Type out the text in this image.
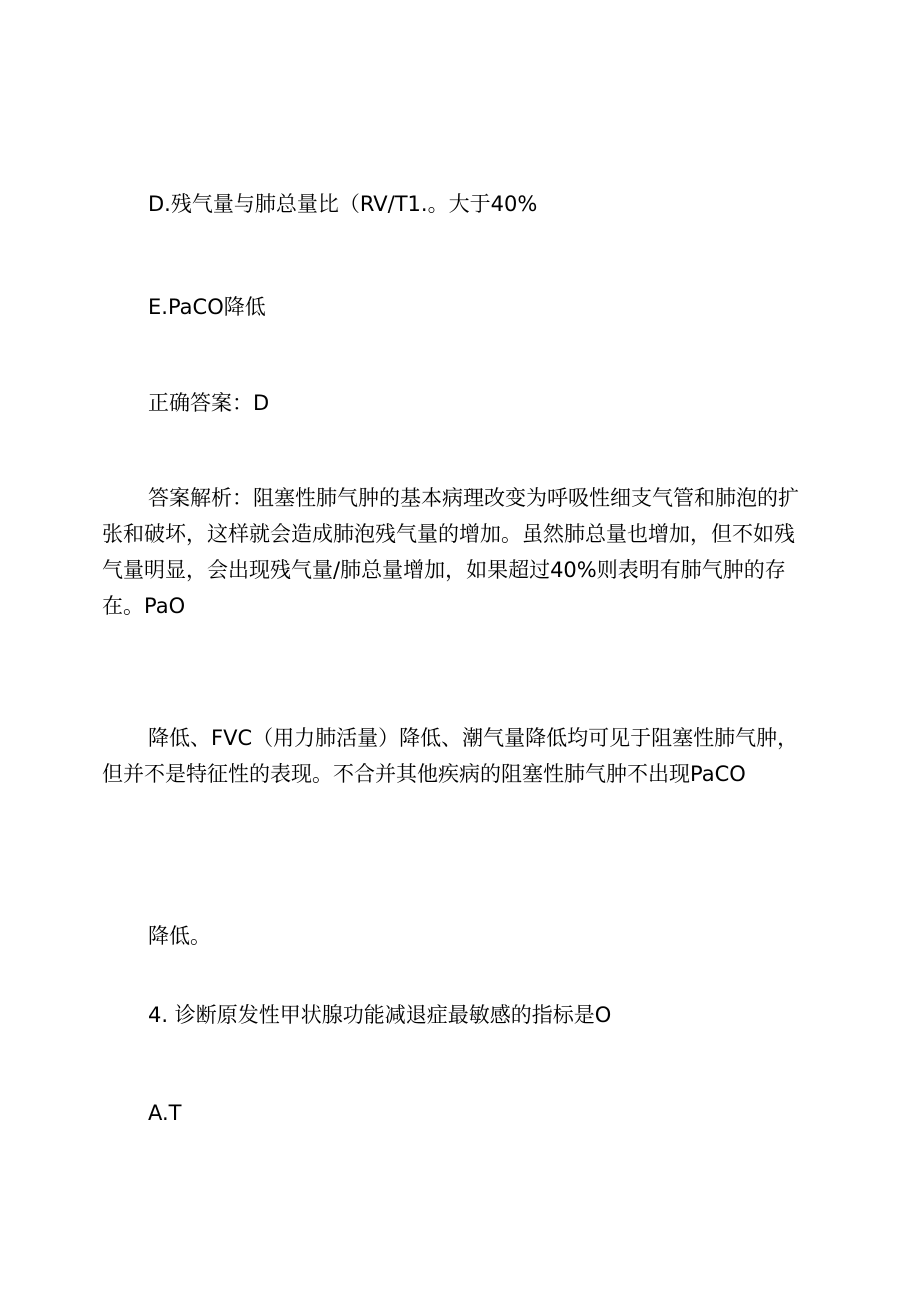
D.残气量与肺总量比（RV/T1.。大于40%
E.PaCO降低
正确答案：D
答案解析：阻塞性肺气肿的基本病理改变为呼吸性细支气管和肺泡的扩张和破坏，这样就会造成肺泡残气量的增加。虽然肺总量也增加，但不如残气量明显，会出现残气量/肺总量增加，如果超过40%则表明有肺气肿的存在。PaO
降低、FVC（用力肺活量）降低、潮气量降低均可见于阻塞性肺气肿，但并不是特征性的表现。不合并其他疾病的阻塞性肺气肿不出现PaCO
降低。
4. 诊断原发性甲状腺功能减退症最敏感的指标是O
A.T
